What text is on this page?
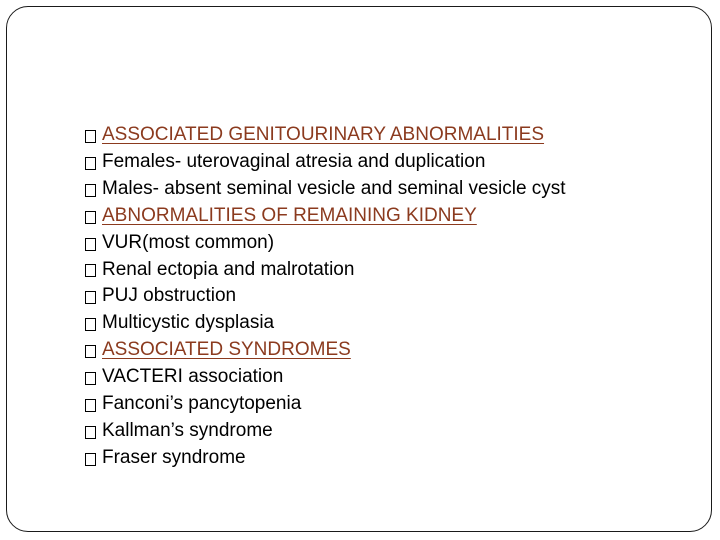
ASSOCIATED GENITOURINARY ABNORMALITIES
Females- uterovaginal atresia and duplication
Males- absent seminal vesicle and seminal vesicle cyst
ABNORMALITIES OF REMAINING KIDNEY
VUR(most common)
Renal ectopia and malrotation
PUJ obstruction
Multicystic dysplasia
ASSOCIATED SYNDROMES
VACTERI association
Fanconi’s pancytopenia
Kallman’s syndrome
Fraser syndrome
